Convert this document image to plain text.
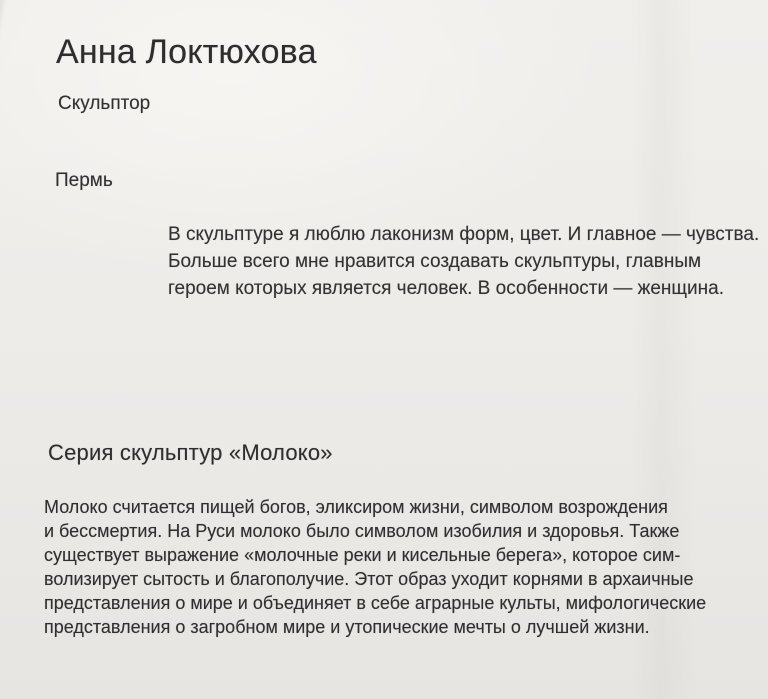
Анна Локтюхова
Скульптор
Пермь
В скульптуре я люблю лаконизм форм, цвет. И главное — чувства.
Больше всего мне нравится создавать скульптуры, главным
героем которых является человек. В особенности — женщина.
Серия скульптур «Молоко»
Молоко считается пищей богов, эликсиром жизни, символом возрождения
и бессмертия. На Руси молоко было символом изобилия и здоровья. Также
существует выражение «молочные реки и кисельные берега», которое сим-
волизирует сытость и благополучие. Этот образ уходит корнями в архаичные
представления о мире и объединяет в себе аграрные культы, мифологические
представления о загробном мире и утопические мечты о лучшей жизни.
